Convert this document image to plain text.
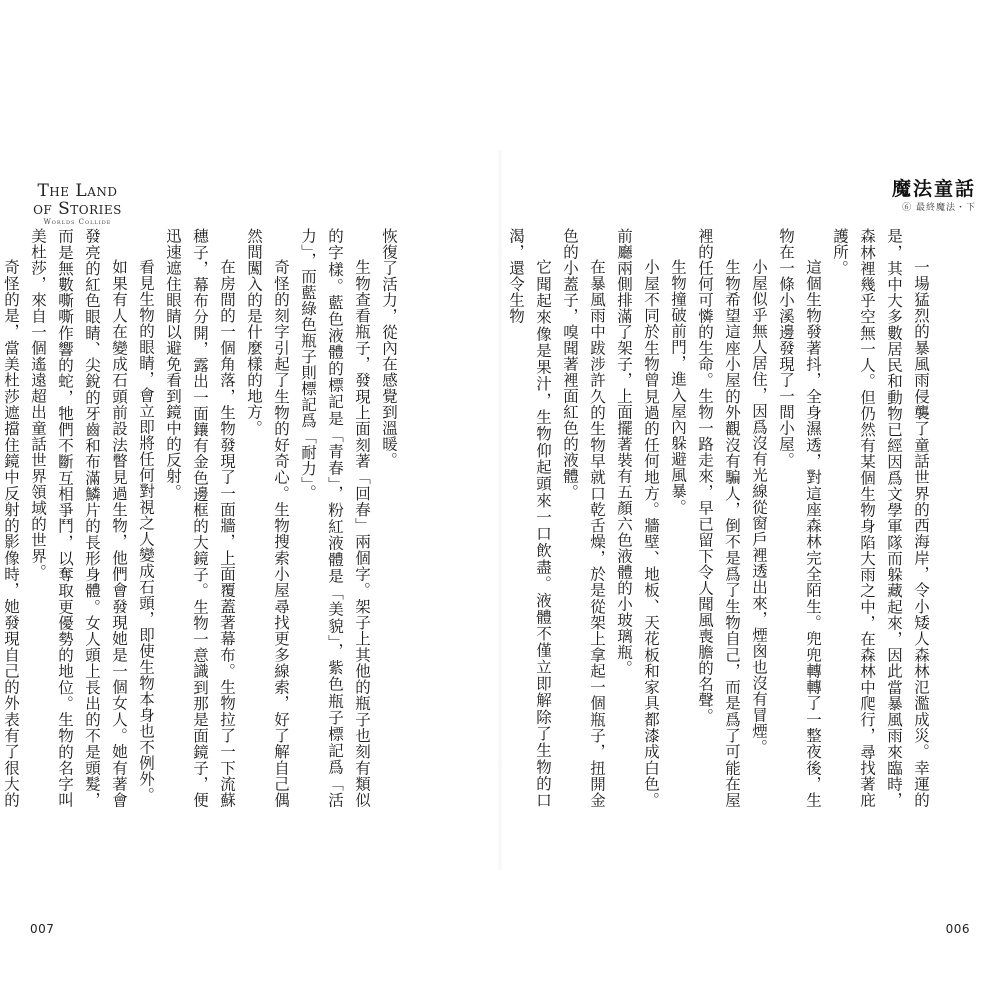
The Land of Stories
Worlds Collide

恢復了活力，從內在感覺到溫暖。

生物查看瓶子，發現上面刻著「回春」兩個字。架子上其他的瓶子也刻有類似的字樣。藍色液體的標記是「青春」，粉紅液體是「美貌」，紫色瓶子標記爲「活力」，而藍綠色瓶子則標記爲「耐力」。

奇怪的刻字引起了生物的好奇心。生物搜索小屋尋找更多線索，好了解自己偶然間闖入的是什麼樣的地方。

在房間的一個角落，生物發現了一面牆，上面覆蓋著幕布。生物拉了一下流蘇穗子，幕布分開，露出一面鑲有金色邊框的大鏡子。生物一意識到那是面鏡子，便迅速遮住眼睛以避免看到鏡中的反射。

看見生物的眼睛，會立即將任何對視之人變成石頭，即使生物本身也不例外。

如果有人在變成石頭前設法瞥見過生物，他們會發現她是一個女人。她有著會發亮的紅色眼睛、尖銳的牙齒和布滿鱗片的長形身體。女人頭上長出的不是頭髮，而是無數嘶嘶作響的蛇，牠們不斷互相爭鬥，以奪取更優勢的地位。生物的名字叫美杜莎，來自一個遙遠超出童話世界領域的世界。

奇怪的是，當美杜莎遮擋住鏡中反射的影像時，她發現自己的外表有了很大的

007
魔法童話
⑥ 最終魔法・下

一場猛烈的暴風雨侵襲了童話世界的西海岸，令小矮人森林氾濫成災。幸運的是，其中大多數居民和動物已經因爲文學軍隊而躲藏起來，因此當暴風雨來臨時，森林裡幾乎空無一人。但仍然有某個生物身陷大雨之中，在森林中爬行，尋找著庇護所。

這個生物發著抖，全身濕透，對這座森林完全陌生。兜兜轉轉了一整夜後，生物在一條小溪邊發現了一間小屋。

小屋似乎無人居住，因爲沒有光線從窗戶裡透出來，煙囪也沒有冒煙。

生物希望這座小屋的外觀沒有騙人，倒不是爲了生物自己，而是爲了可能在屋裡的任何可憐的生命。生物一路走來，早已留下令人聞風喪膽的名聲。

生物撞破前門，進入屋內躲避風暴。

小屋不同於生物曾見過的任何地方。牆壁、地板、天花板和家具都漆成白色。前廳兩側排滿了架子，上面擺著裝有五顏六色液體的小玻璃瓶。

在暴風雨中跋涉許久的生物早就口乾舌燥，於是從架上拿起一個瓶子，扭開金色的小蓋子，嗅聞著裡面紅色的液體。

它聞起來像是果汁，生物仰起頭來一口飲盡。液體不僅立即解除了生物的口渴，還令生物

006
